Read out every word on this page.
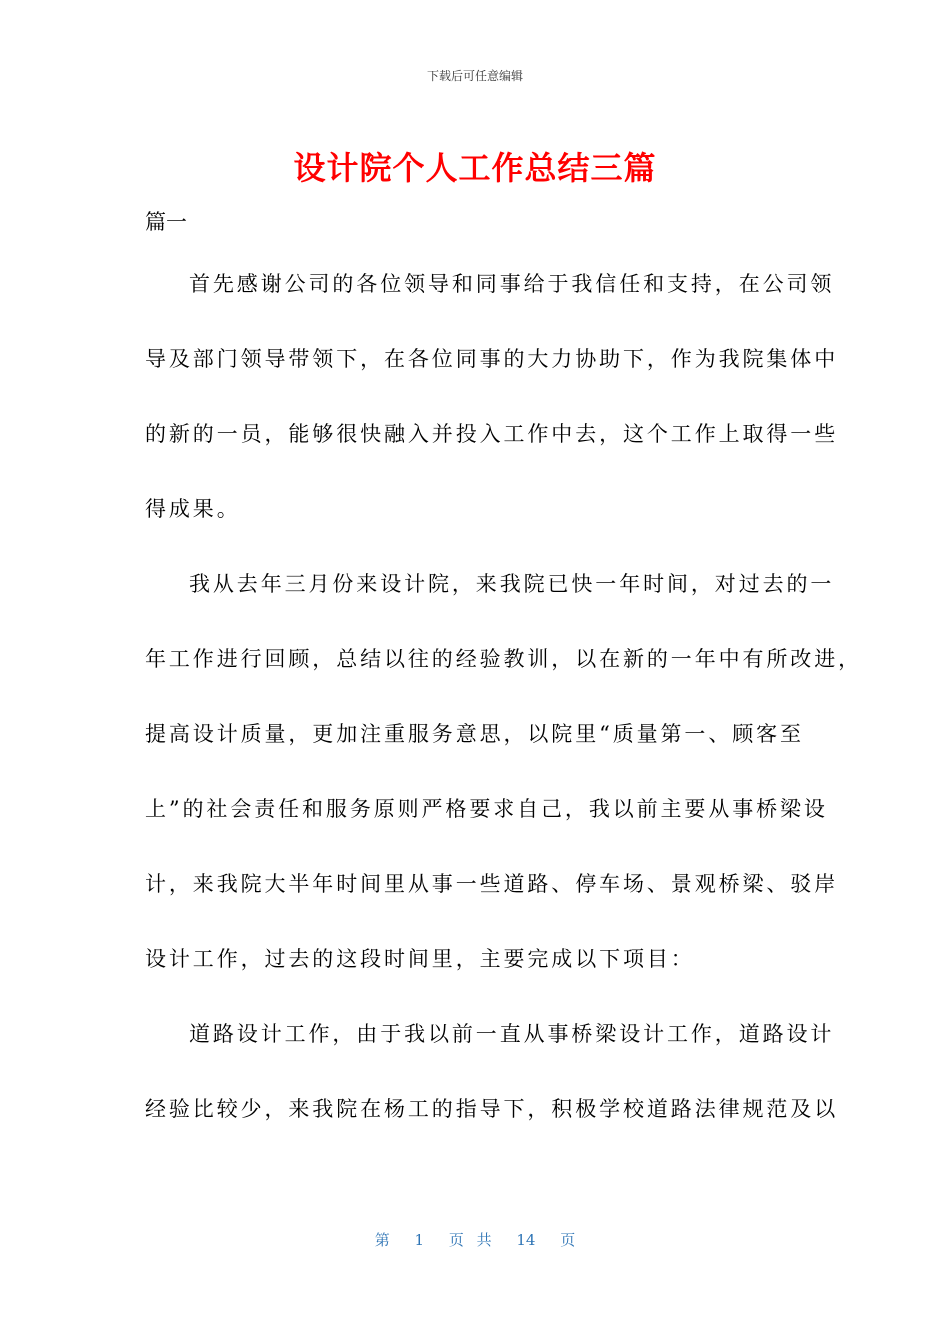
下载后可任意编辑
设计院个人工作总结三篇
篇一
首先感谢公司的各位领导和同事给于我信任和支持，在公司领
导及部门领导带领下，在各位同事的大力协助下，作为我院集体中
的新的一员，能够很快融入并投入工作中去，这个工作上取得一些
得成果。
我从去年三月份来设计院，来我院已快一年时间，对过去的一
年工作进行回顾，总结以往的经验教训，以在新的一年中有所改进，
提高设计质量，更加注重服务意思，以院里“质量第一、顾客至
上”的社会责任和服务原则严格要求自己，我以前主要从事桥梁设
计，来我院大半年时间里从事一些道路、停车场、景观桥梁、驳岸
设计工作，过去的这段时间里，主要完成以下项目：
道路设计工作，由于我以前一直从事桥梁设计工作，道路设计
经验比较少，来我院在杨工的指导下，积极学校道路法律规范及以
第 1 页 共 14 页
